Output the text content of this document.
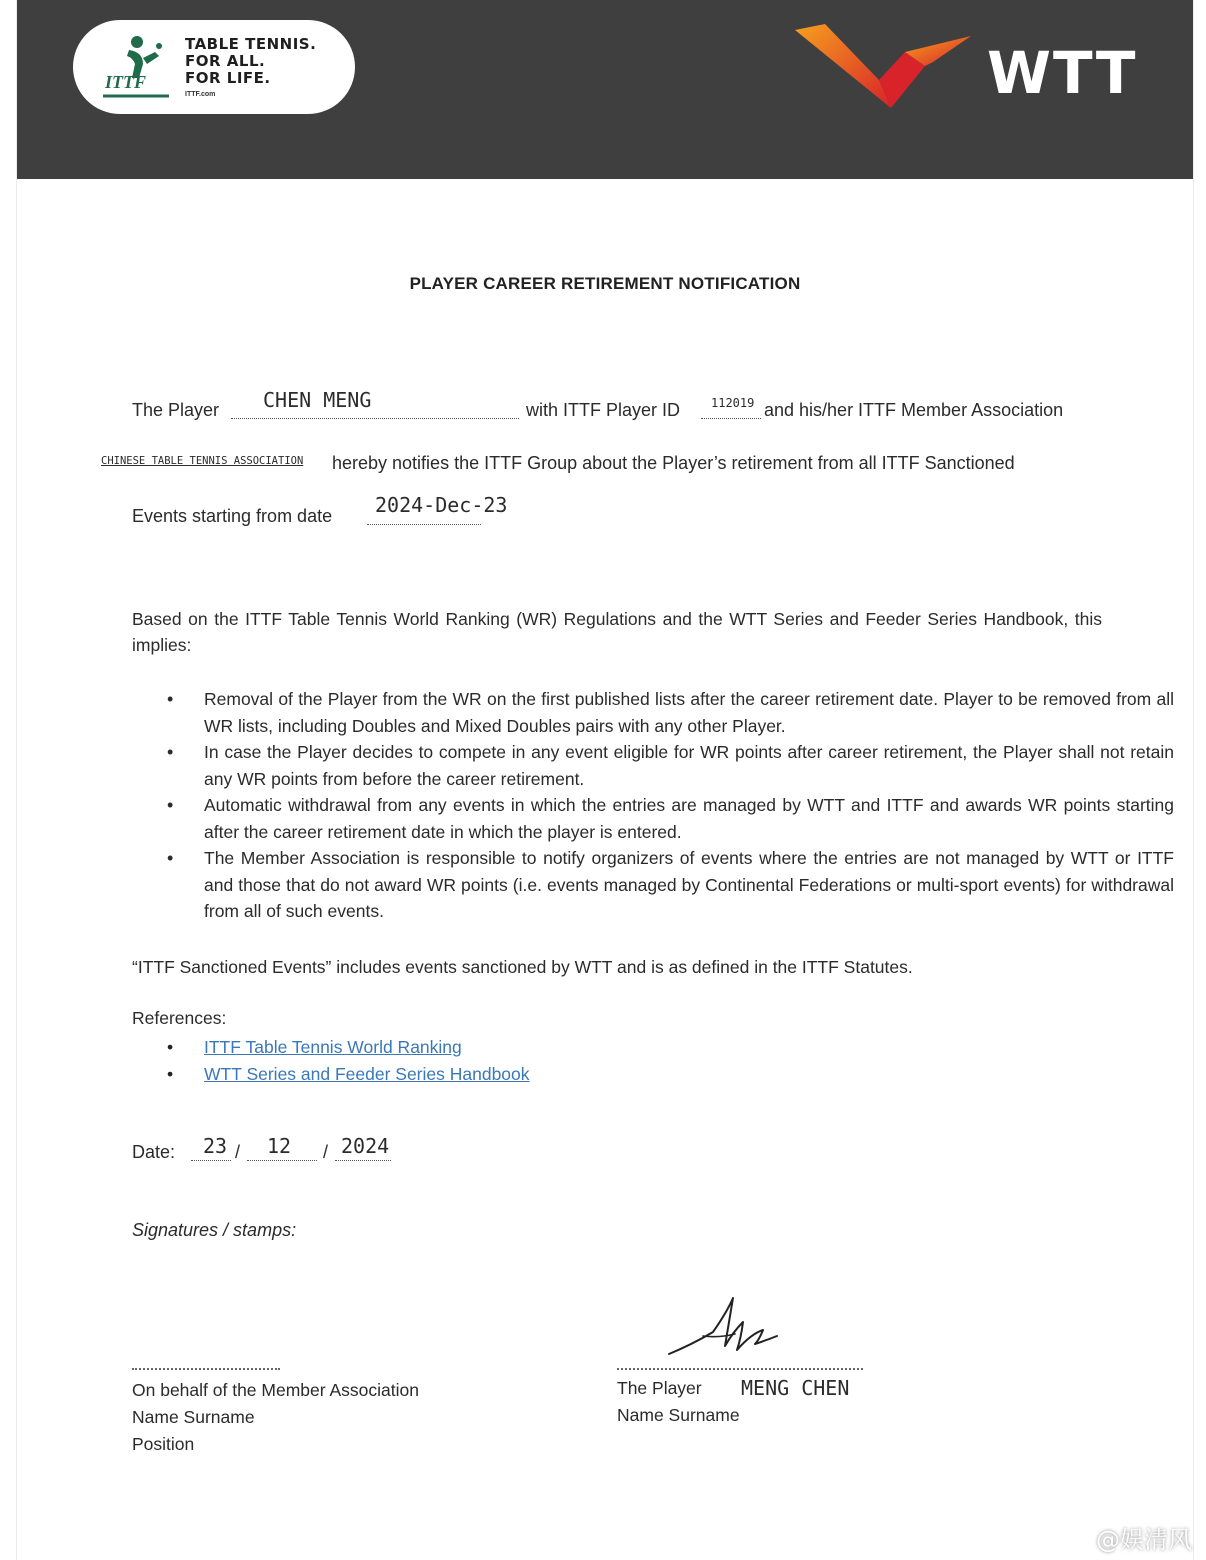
ITTF
TABLE TENNIS.
FOR ALL.
FOR LIFE.
ITTF.com	WTT
PLAYER CAREER RETIREMENT NOTIFICATION
The Player CHEN MENG	with ITTF Player ID	112019 and his/her ITTF Member Association
CHINESE TABLE TENNIS ASSOCIATION hereby notifies the ITTF Group about the Player’s retirement from all ITTF Sanctioned
Events starting from date 2024-Dec-23
Based on the ITTF Table Tennis World Ranking (WR) Regulations and the WTT Series and Feeder Series Handbook, this implies:
• Removal of the Player from the WR on the first published lists after the career retirement date. Player to be removed from all WR lists, including Doubles and Mixed Doubles pairs with any other Player.
• In case the Player decides to compete in any event eligible for WR points after career retirement, the Player shall not retain any WR points from before the career retirement.
• Automatic withdrawal from any events in which the entries are managed by WTT and ITTF and awards WR points starting after the career retirement date in which the player is entered.
• The Member Association is responsible to notify organizers of events where the entries are not managed by WTT or ITTF and those that do not award WR points (i.e. events managed by Continental Federations or multi-sport events) for withdrawal from all of such events.
“ITTF Sanctioned Events” includes events sanctioned by WTT and is as defined in the ITTF Statutes.
References:
• ITTF Table Tennis World Ranking
• WTT Series and Feeder Series Handbook
Date: 23 / 12 / 2024
Signatures / stamps:
On behalf of the Member Association
Name Surname
Position
The Player MENG CHEN
Name Surname
@娱清风
